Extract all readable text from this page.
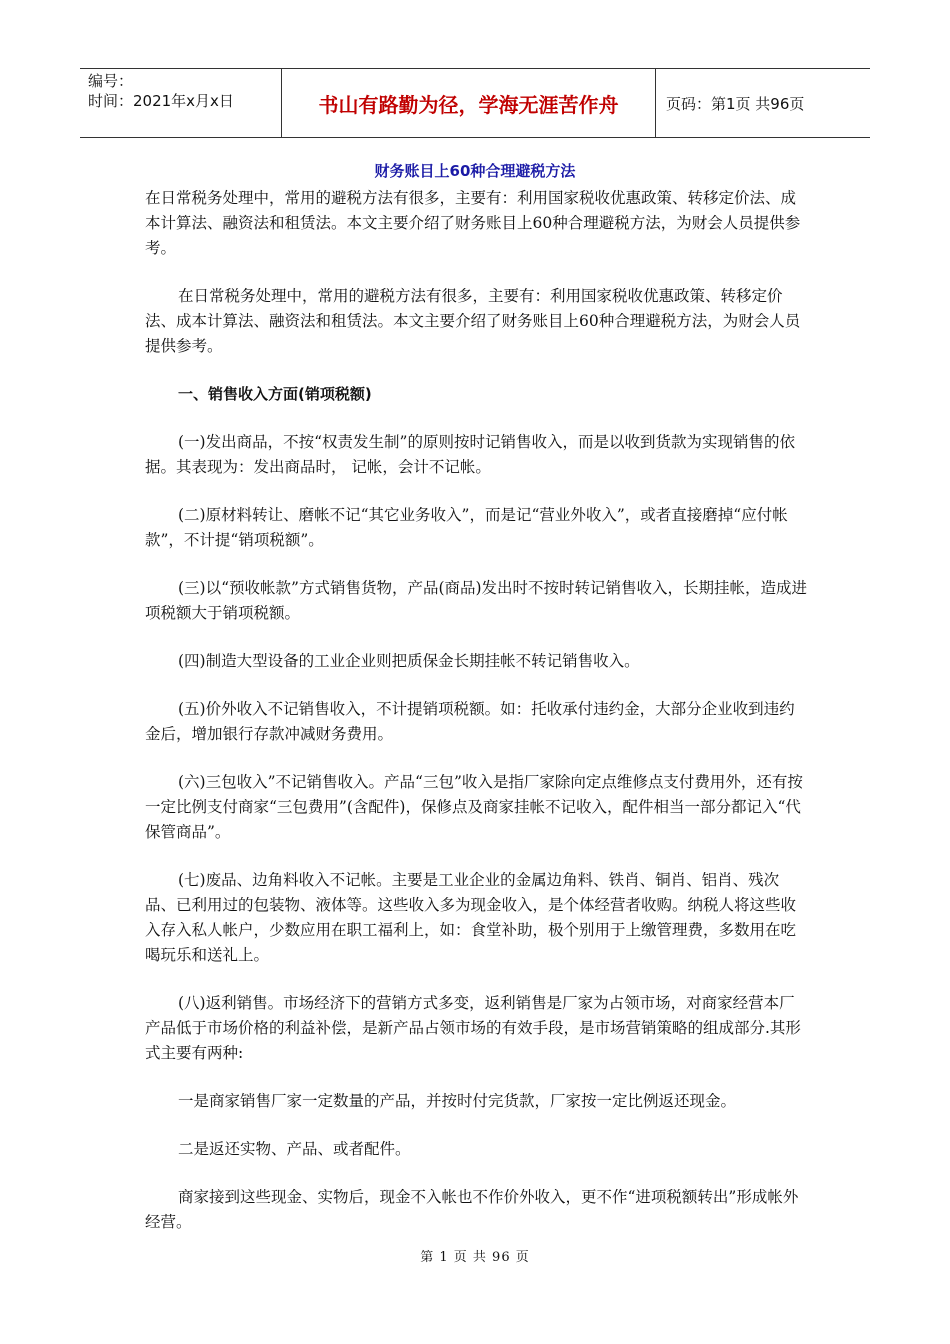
编号：
时间：2021年x月x日	书山有路勤为径，学海无涯苦作舟	页码：第1页 共96页
财务账目上60种合理避税方法

在日常税务处理中，常用的避税方法有很多，主要有：利用国家税收优惠政策、转移定价法、成本计算法、融资法和租赁法。本文主要介绍了财务账目上60种合理避税方法，为财会人员提供参考。

在日常税务处理中，常用的避税方法有很多，主要有：利用国家税收优惠政策、转移定价法、成本计算法、融资法和租赁法。本文主要介绍了财务账目上60种合理避税方法，为财会人员提供参考。

一、销售收入方面(销项税额)

(一)发出商品，不按“权责发生制”的原则按时记销售收入，而是以收到货款为实现销售的依据。其表现为：发出商品时， 记帐，会计不记帐。

(二)原材料转让、磨帐不记“其它业务收入”，而是记“营业外收入”，或者直接磨掉“应付帐款”，不计提“销项税额”。

(三)以“预收帐款”方式销售货物，产品(商品)发出时不按时转记销售收入，长期挂帐，造成进项税额大于销项税额。

(四)制造大型设备的工业企业则把质保金长期挂帐不转记销售收入。

(五)价外收入不记销售收入，不计提销项税额。如：托收承付违约金，大部分企业收到违约金后，增加银行存款冲减财务费用。

(六)三包收入”不记销售收入。产品“三包”收入是指厂家除向定点维修点支付费用外，还有按一定比例支付商家“三包费用”(含配件)，保修点及商家挂帐不记收入，配件相当一部分都记入“代保管商品”。

(七)废品、边角料收入不记帐。主要是工业企业的金属边角料、铁肖、铜肖、铝肖、残次品、已利用过的包装物、液体等。这些收入多为现金收入，是个体经营者收购。纳税人将这些收入存入私人帐户，少数应用在职工福利上，如：食堂补助，极个别用于上缴管理费，多数用在吃喝玩乐和送礼上。

(八)返利销售。市场经济下的营销方式多变，返利销售是厂家为占领市场，对商家经营本厂产品低于市场价格的利益补偿，是新产品占领市场的有效手段，是市场营销策略的组成部分.其形式主要有两种:

一是商家销售厂家一定数量的产品，并按时付完货款，厂家按一定比例返还现金。

二是返还实物、产品、或者配件。

商家接到这些现金、实物后，现金不入帐也不作价外收入，更不作“进项税额转出”形成帐外经营。

第 1 页 共 96 页
